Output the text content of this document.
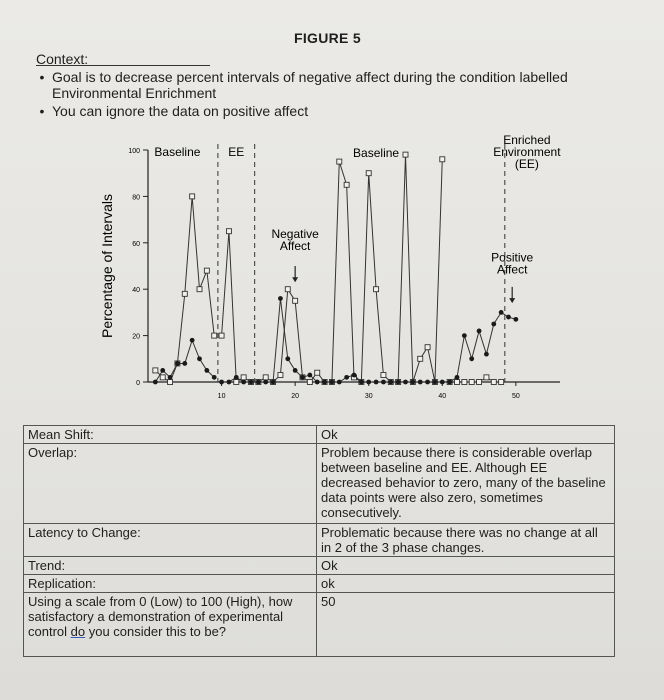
FIGURE 5
Context:
• Goal is to decrease percent intervals of negative affect during the condition labelled Environmental Enrichment
• You can ignore the data on positive affect
0
20
40
60
80
100
10	20	30	40	50
Percentage of Intervals
Baseline EE	Baseline
Enriched Environment (EE)
Negative Affect
Positive Affect
Mean Shift:	Ok
Overlap:	Problem because there is considerable overlap between baseline and EE. Although EE decreased behavior to zero, many of the baseline data points were also zero, sometimes consecutively.
Latency to Change:	Problematic because there was no change at all in 2 of the 3 phase changes.
Trend:	Ok
Replication:	ok
Using a scale from 0 (Low) to 100 (High), how satisfactory a demonstration of experimental control do you consider this to be?	50
